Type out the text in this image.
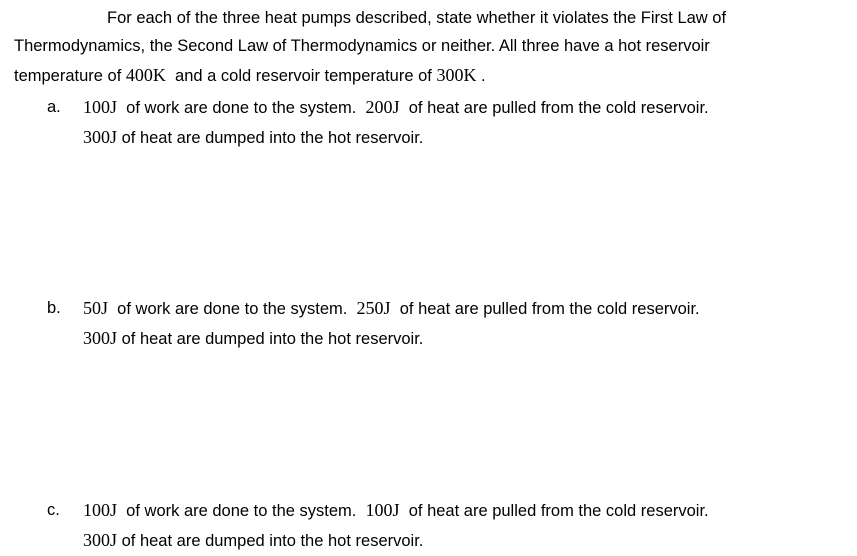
For each of the three heat pumps described, state whether it violates the First Law of
Thermodynamics, the Second Law of Thermodynamics or neither. All three have a hot reservoir
temperature of 400K  and a cold reservoir temperature of 300K .
a. 100J  of work are done to the system.  200J  of heat are pulled from the cold reservoir.
300J of heat are dumped into the hot reservoir.
b. 50J  of work are done to the system.  250J  of heat are pulled from the cold reservoir.
300J of heat are dumped into the hot reservoir.
c. 100J  of work are done to the system.  100J  of heat are pulled from the cold reservoir.
300J of heat are dumped into the hot reservoir.
